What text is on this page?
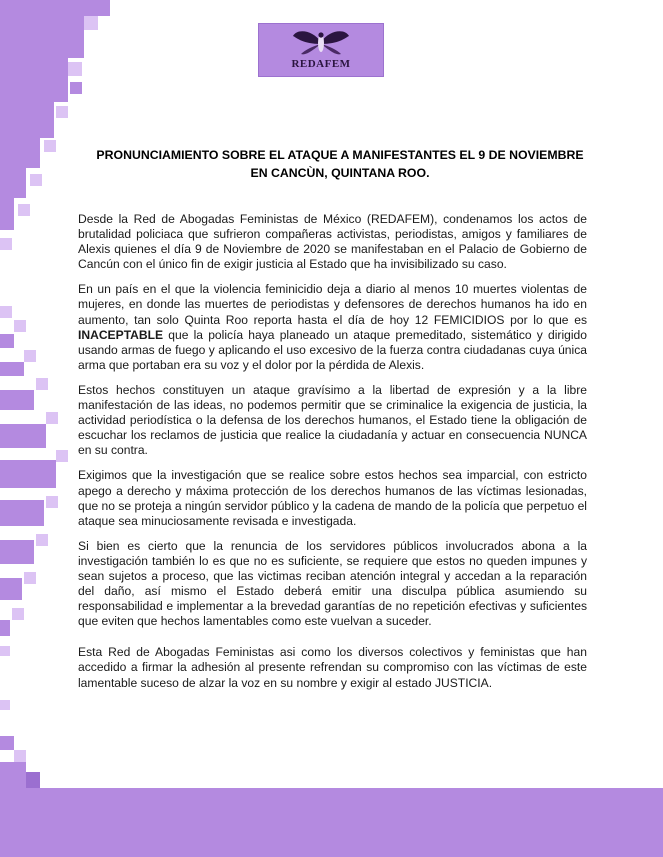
REDAFEM
PRONUNCIAMIENTO SOBRE EL ATAQUE A MANIFESTANTES EL 9 DE NOVIEMBRE EN CANCÙN, QUINTANA ROO.

Desde la Red de Abogadas Feministas de México (REDAFEM), condenamos los actos de brutalidad policiaca que sufrieron compañeras activistas, periodistas, amigos y familiares de Alexis quienes el día 9 de Noviembre de 2020 se manifestaban en el Palacio de Gobierno de Cancún con el único fin de exigir justicia al Estado que ha invisibilizado su caso.

En un país en el que la violencia feminicidio deja a diario al menos 10 muertes violentas de mujeres, en donde las muertes de periodistas y defensores de derechos humanos ha ido en aumento, tan solo Quinta Roo reporta hasta el día de hoy 12 FEMICIDIOS por lo que es INACEPTABLE que la policía haya planeado un ataque premeditado, sistemático y dirigido usando armas de fuego y aplicando el uso excesivo de la fuerza contra ciudadanas cuya única arma que portaban era su voz y el dolor por la pérdida de Alexis.

Estos hechos constituyen un ataque gravísimo a la libertad de expresión y a la libre manifestación de las ideas, no podemos permitir que se criminalice la exigencia de justicia, la actividad periodística o la defensa de los derechos humanos, el Estado tiene la obligación de escuchar los reclamos de justicia que realice la ciudadanía y actuar en consecuencia NUNCA en su contra.

Exigimos que la investigación que se realice sobre estos hechos sea imparcial, con estricto apego a derecho y máxima protección de los derechos humanos de las víctimas lesionadas, que no se proteja a ningún servidor público y la cadena de mando de la policía que perpetuo el ataque sea minuciosamente revisada e investigada.

Si bien es cierto que la renuncia de los servidores públicos involucrados abona a la investigación también lo es que no es suficiente, se requiere que estos no queden impunes y sean sujetos a proceso, que las victimas reciban atención integral y accedan a la reparación del daño, así mismo el Estado deberá emitir una disculpa pública asumiendo su responsabilidad e implementar a la brevedad garantías de no repetición efectivas y suficientes que eviten que hechos lamentables como este vuelvan a suceder.

Esta Red de Abogadas Feministas asi como los diversos colectivos y feministas que han accedido a firmar la adhesión al presente refrendan su compromiso con las víctimas de este lamentable suceso de alzar la voz en su nombre y exigir al estado JUSTICIA.
